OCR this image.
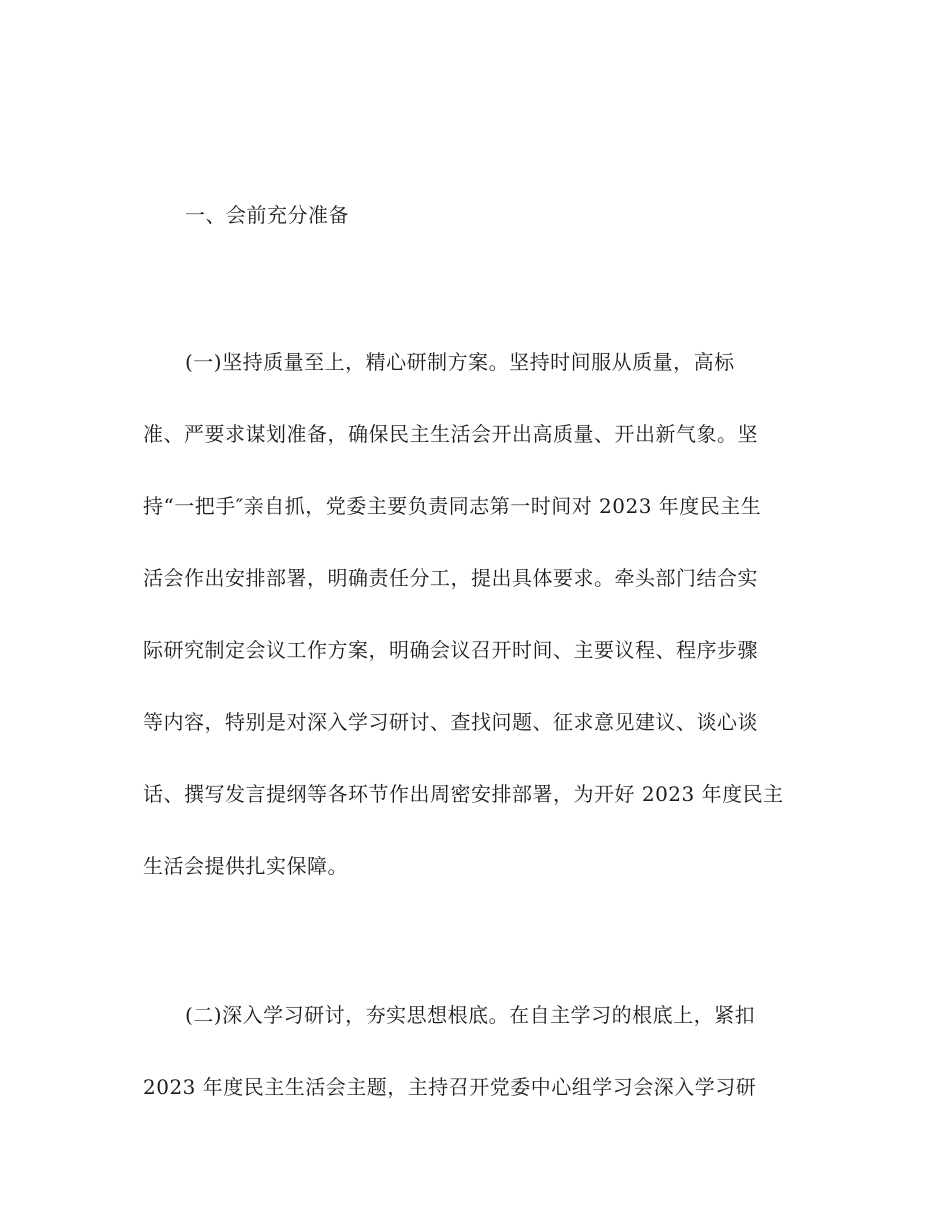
一、会前充分准备
(一)坚持质量至上，精心研制方案。坚持时间服从质量，高标
准、严要求谋划准备，确保民主生活会开出高质量、开出新气象。坚
持“一把手″亲自抓，党委主要负责同志第一时间对 2023 年度民主生
活会作出安排部署，明确责任分工，提出具体要求。牵头部门结合实
际研究制定会议工作方案，明确会议召开时间、主要议程、程序步骤
等内容，特别是对深入学习研讨、查找问题、征求意见建议、谈心谈
话、撰写发言提纲等各环节作出周密安排部署，为开好 2023 年度民主
生活会提供扎实保障。
(二)深入学习研讨，夯实思想根底。在自主学习的根底上，紧扣
2023 年度民主生活会主题，主持召开党委中心组学习会深入学习研
